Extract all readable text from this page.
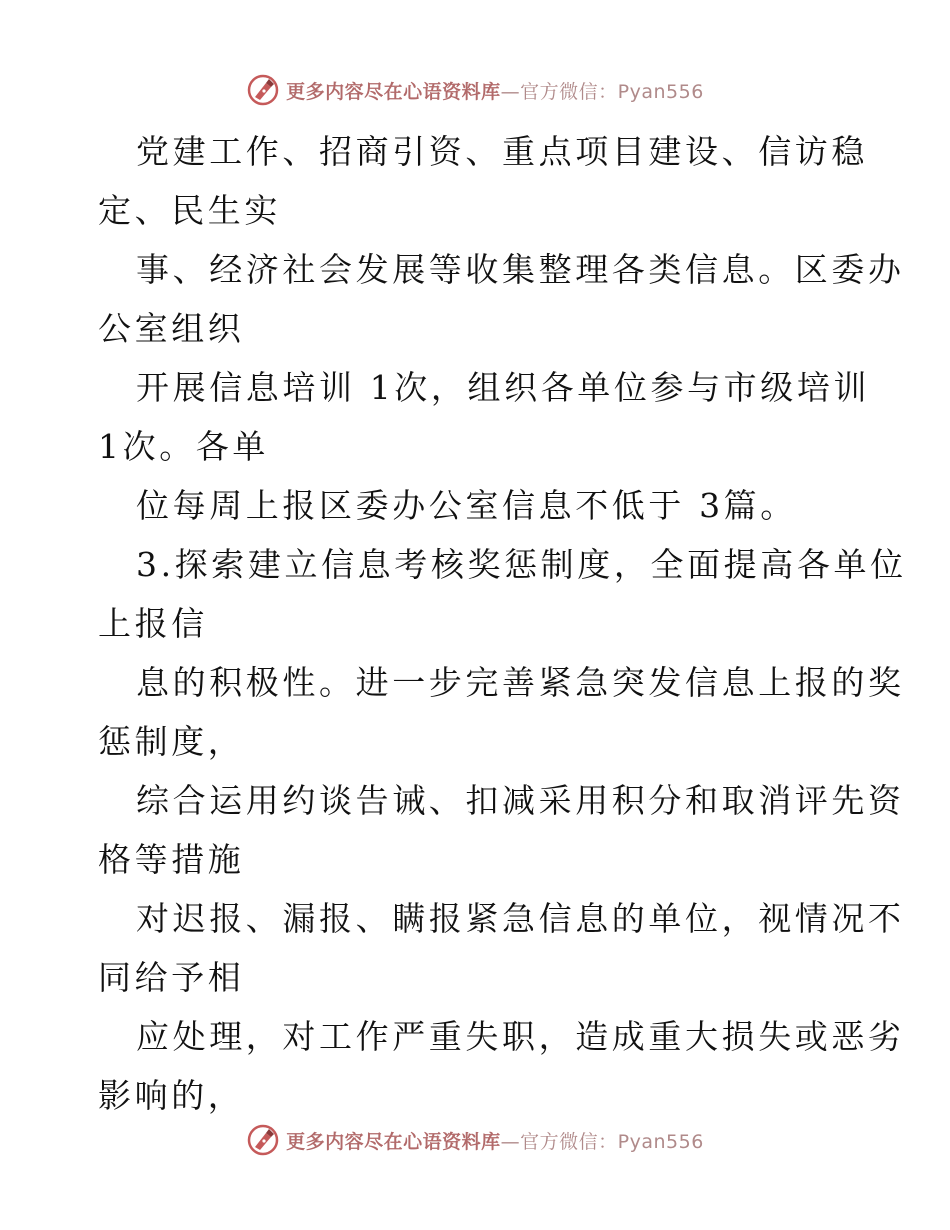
更多内容尽在心语资料库—官方微信：Pyan556
党建工作、招商引资、重点项目建设、信访稳
定、民生实
事、经济社会发展等收集整理各类信息。区委办
公室组织
开展信息培训 1次，组织各单位参与市级培训
1次。各单
位每周上报区委办公室信息不低于 3篇。
3.探索建立信息考核奖惩制度，全面提高各单位
上报信
息的积极性。进一步完善紧急突发信息上报的奖
惩制度，
综合运用约谈告诫、扣减采用积分和取消评先资
格等措施
对迟报、漏报、瞒报紧急信息的单位，视情况不
同给予相
应处理，对工作严重失职，造成重大损失或恶劣
影响的，
更多内容尽在心语资料库—官方微信：Pyan556
